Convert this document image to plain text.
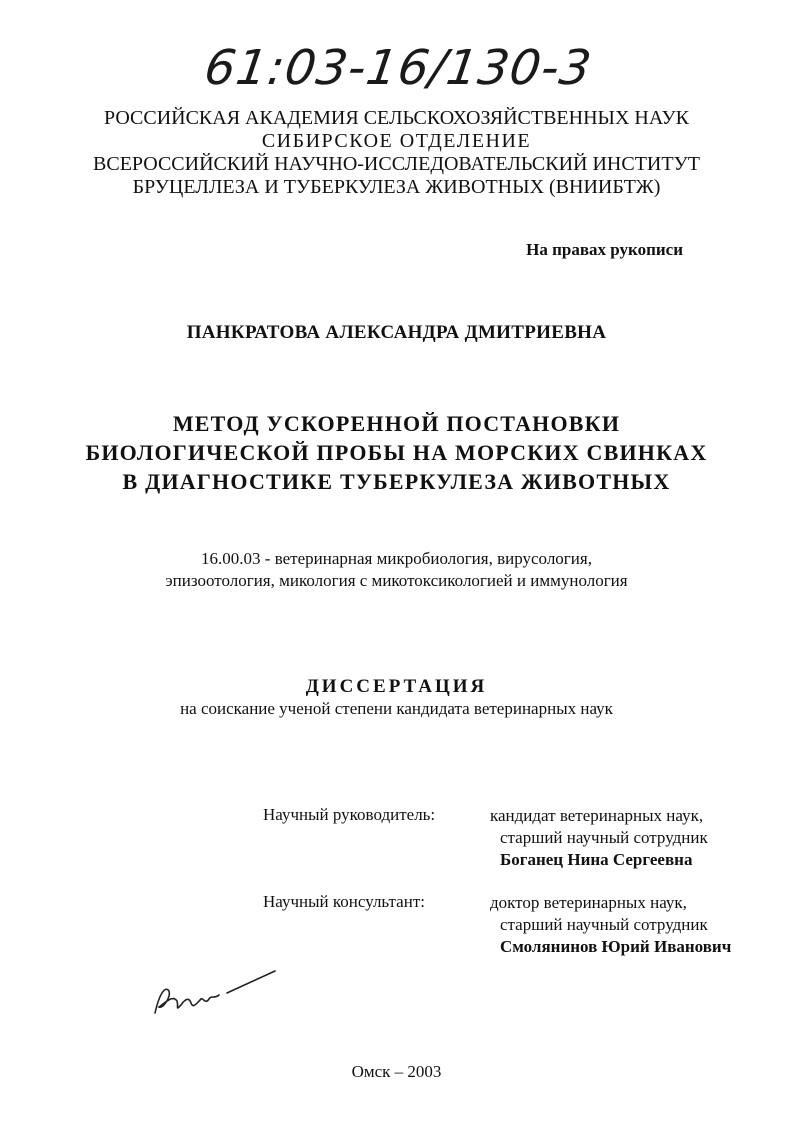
61:03-16/130-3
РОССИЙСКАЯ АКАДЕМИЯ СЕЛЬСКОХОЗЯЙСТВЕННЫХ НАУК
СИБИРСКОЕ ОТДЕЛЕНИЕ
ВСЕРОССИЙСКИЙ НАУЧНО-ИССЛЕДОВАТЕЛЬСКИЙ ИНСТИТУТ
БРУЦЕЛЛЕЗА И ТУБЕРКУЛЕЗА ЖИВОТНЫХ (ВНИИБТЖ)
На правах рукописи
ПАНКРАТОВА АЛЕКСАНДРА ДМИТРИЕВНА
МЕТОД УСКОРЕННОЙ ПОСТАНОВКИ
БИОЛОГИЧЕСКОЙ ПРОБЫ НА МОРСКИХ СВИНКАХ
В ДИАГНОСТИКЕ ТУБЕРКУЛЕЗА ЖИВОТНЫХ
16.00.03 - ветеринарная микробиология, вирусология,
эпизоотология, микология с микотоксикологией и иммунология
ДИССЕРТАЦИЯ
на соискание ученой степени кандидата ветеринарных наук
Научный руководитель:	кандидат ветеринарных наук,
старший научный сотрудник
Боганец Нина Сергеевна
Научный консультант:	доктор ветеринарных наук,
старший научный сотрудник
Смолянинов Юрий Иванович
Омск – 2003
